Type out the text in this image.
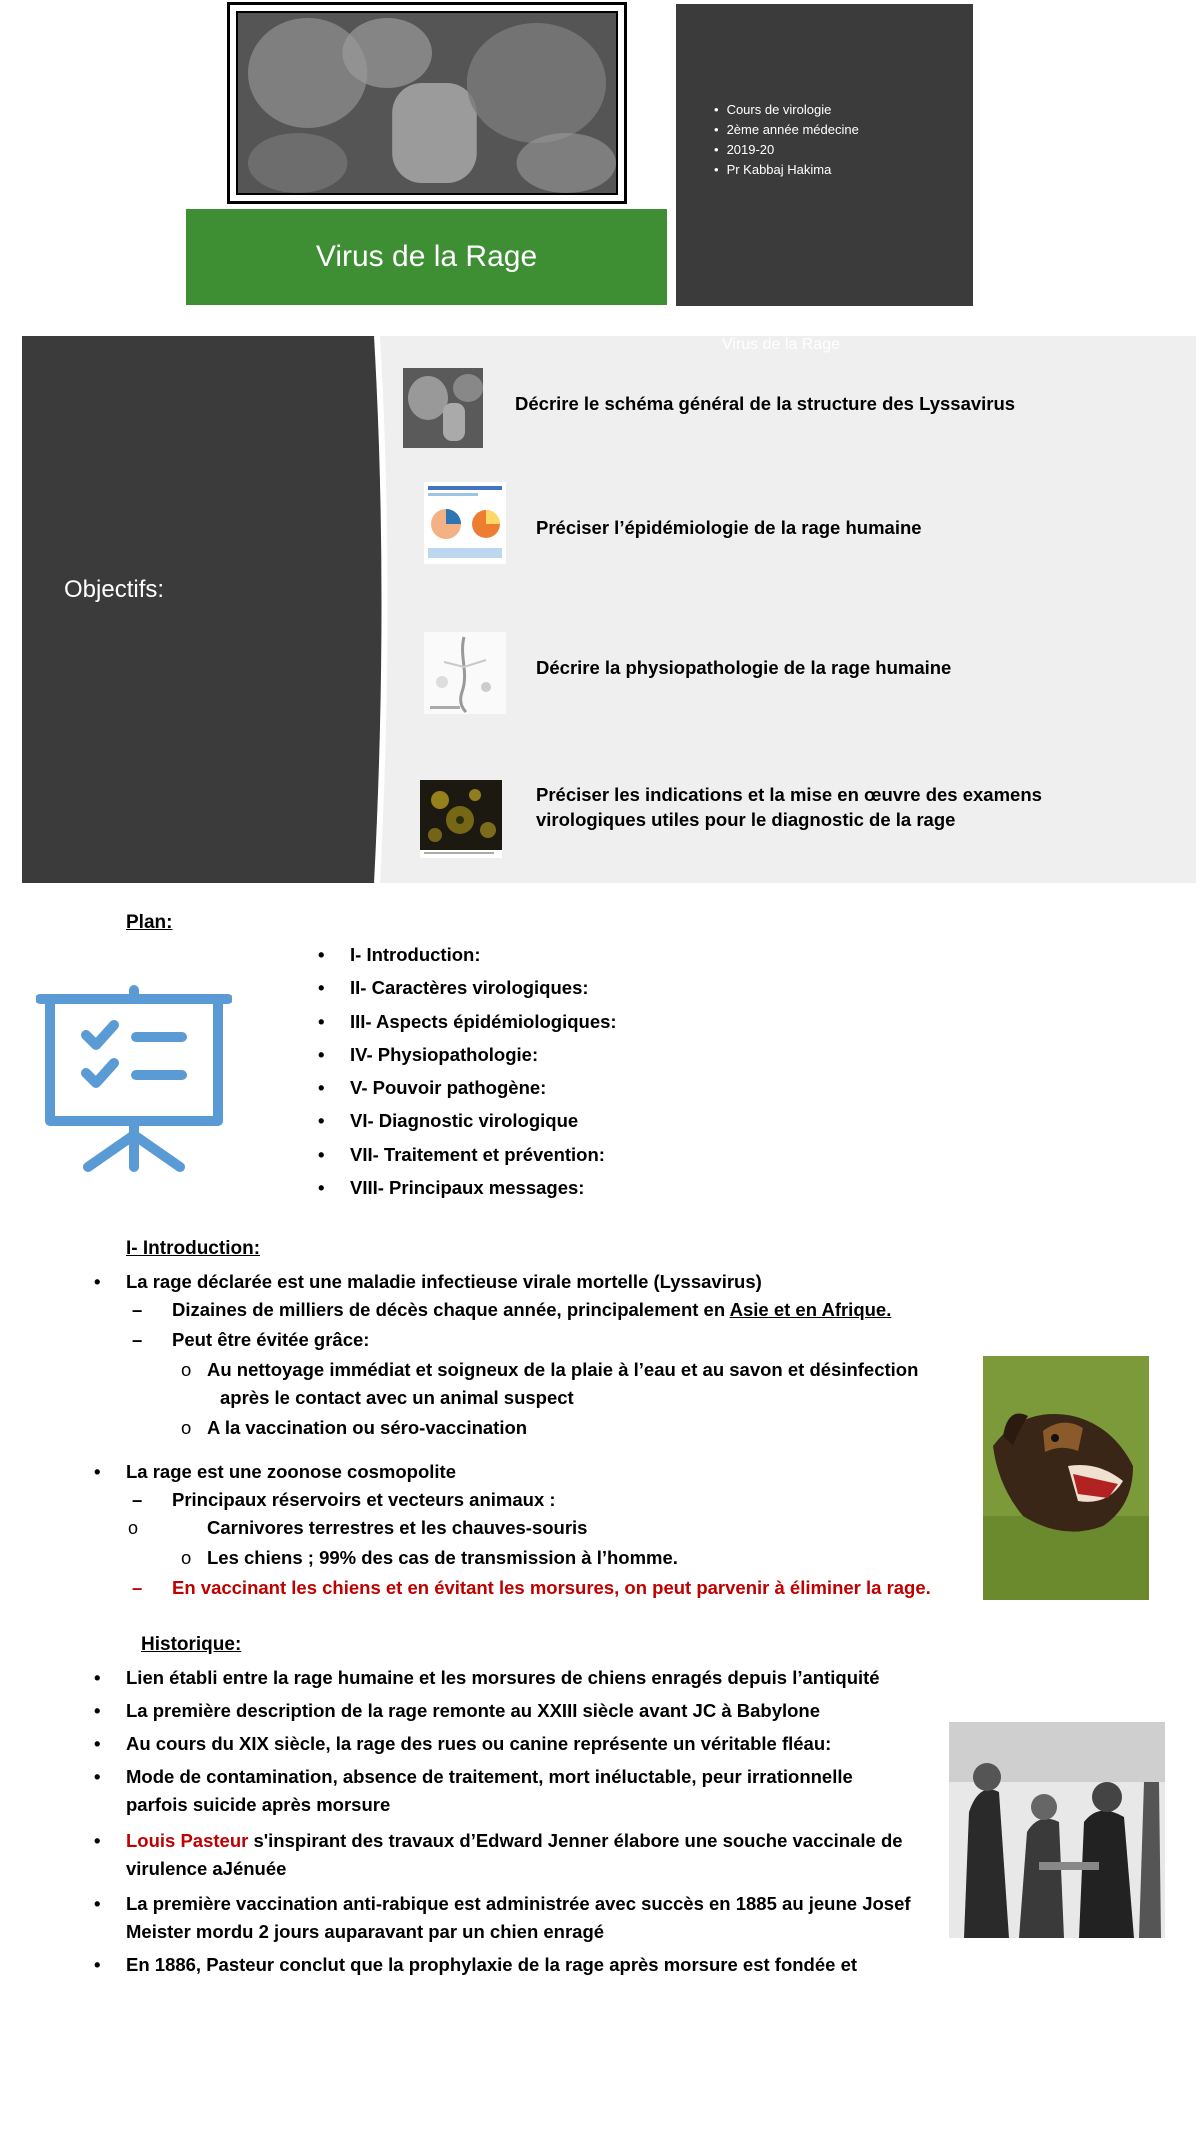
Virus de la Rage
• Cours de virologie
• 2ème année médecine
• 2019-20
• Pr Kabbaj Hakima
Virus de la Rage
Objectifs:
Décrire le schéma général de la structure des Lyssavirus
Préciser l’épidémiologie de la rage humaine
Décrire la physiopathologie de la rage humaine
Préciser les indications et la mise en œuvre des examens virologiques utiles pour le diagnostic de la rage
Plan:
• I- Introduction:
• II- Caractères virologiques:
• III- Aspects épidémiologiques:
• IV- Physiopathologie:
• V- Pouvoir pathogène:
• VI- Diagnostic virologique
• VII- Traitement et prévention:
• VIII- Principaux messages:
I- Introduction:
• La rage déclarée est une maladie infectieuse virale mortelle (Lyssavirus)
– Dizaines de milliers de décès chaque année, principalement en Asie et en Afrique.
– Peut être évitée grâce:
o Au nettoyage immédiat et soigneux de la plaie à l’eau et au savon et désinfection
après le contact avec un animal suspect
o A la vaccination ou séro-vaccination
• La rage est une zoonose cosmopolite
– Principaux réservoirs et vecteurs animaux :
Carnivores terrestres et les chauves-souris
o
o Les chiens ; 99% des cas de transmission à l’homme.
– En vaccinant les chiens et en évitant les morsures, on peut parvenir à éliminer la rage.
Historique:
• Lien établi entre la rage humaine et les morsures de chiens enragés depuis l’antiquité
• La première description de la rage remonte au XXIII siècle avant JC à Babylone
• Au cours du XIX siècle, la rage des rues ou canine représente un véritable fléau:
• Mode de contamination, absence de traitement, mort inéluctable, peur irrationnelle
parfois suicide après morsure
• Louis Pasteur s'inspirant des travaux d’Edward Jenner élabore une souche vaccinale de
virulence aJénuée
• La première vaccination anti-rabique est administrée avec succès en 1885 au jeune Josef
Meister mordu 2 jours auparavant par un chien enragé
• En 1886, Pasteur conclut que la prophylaxie de la rage après morsure est fondée et
